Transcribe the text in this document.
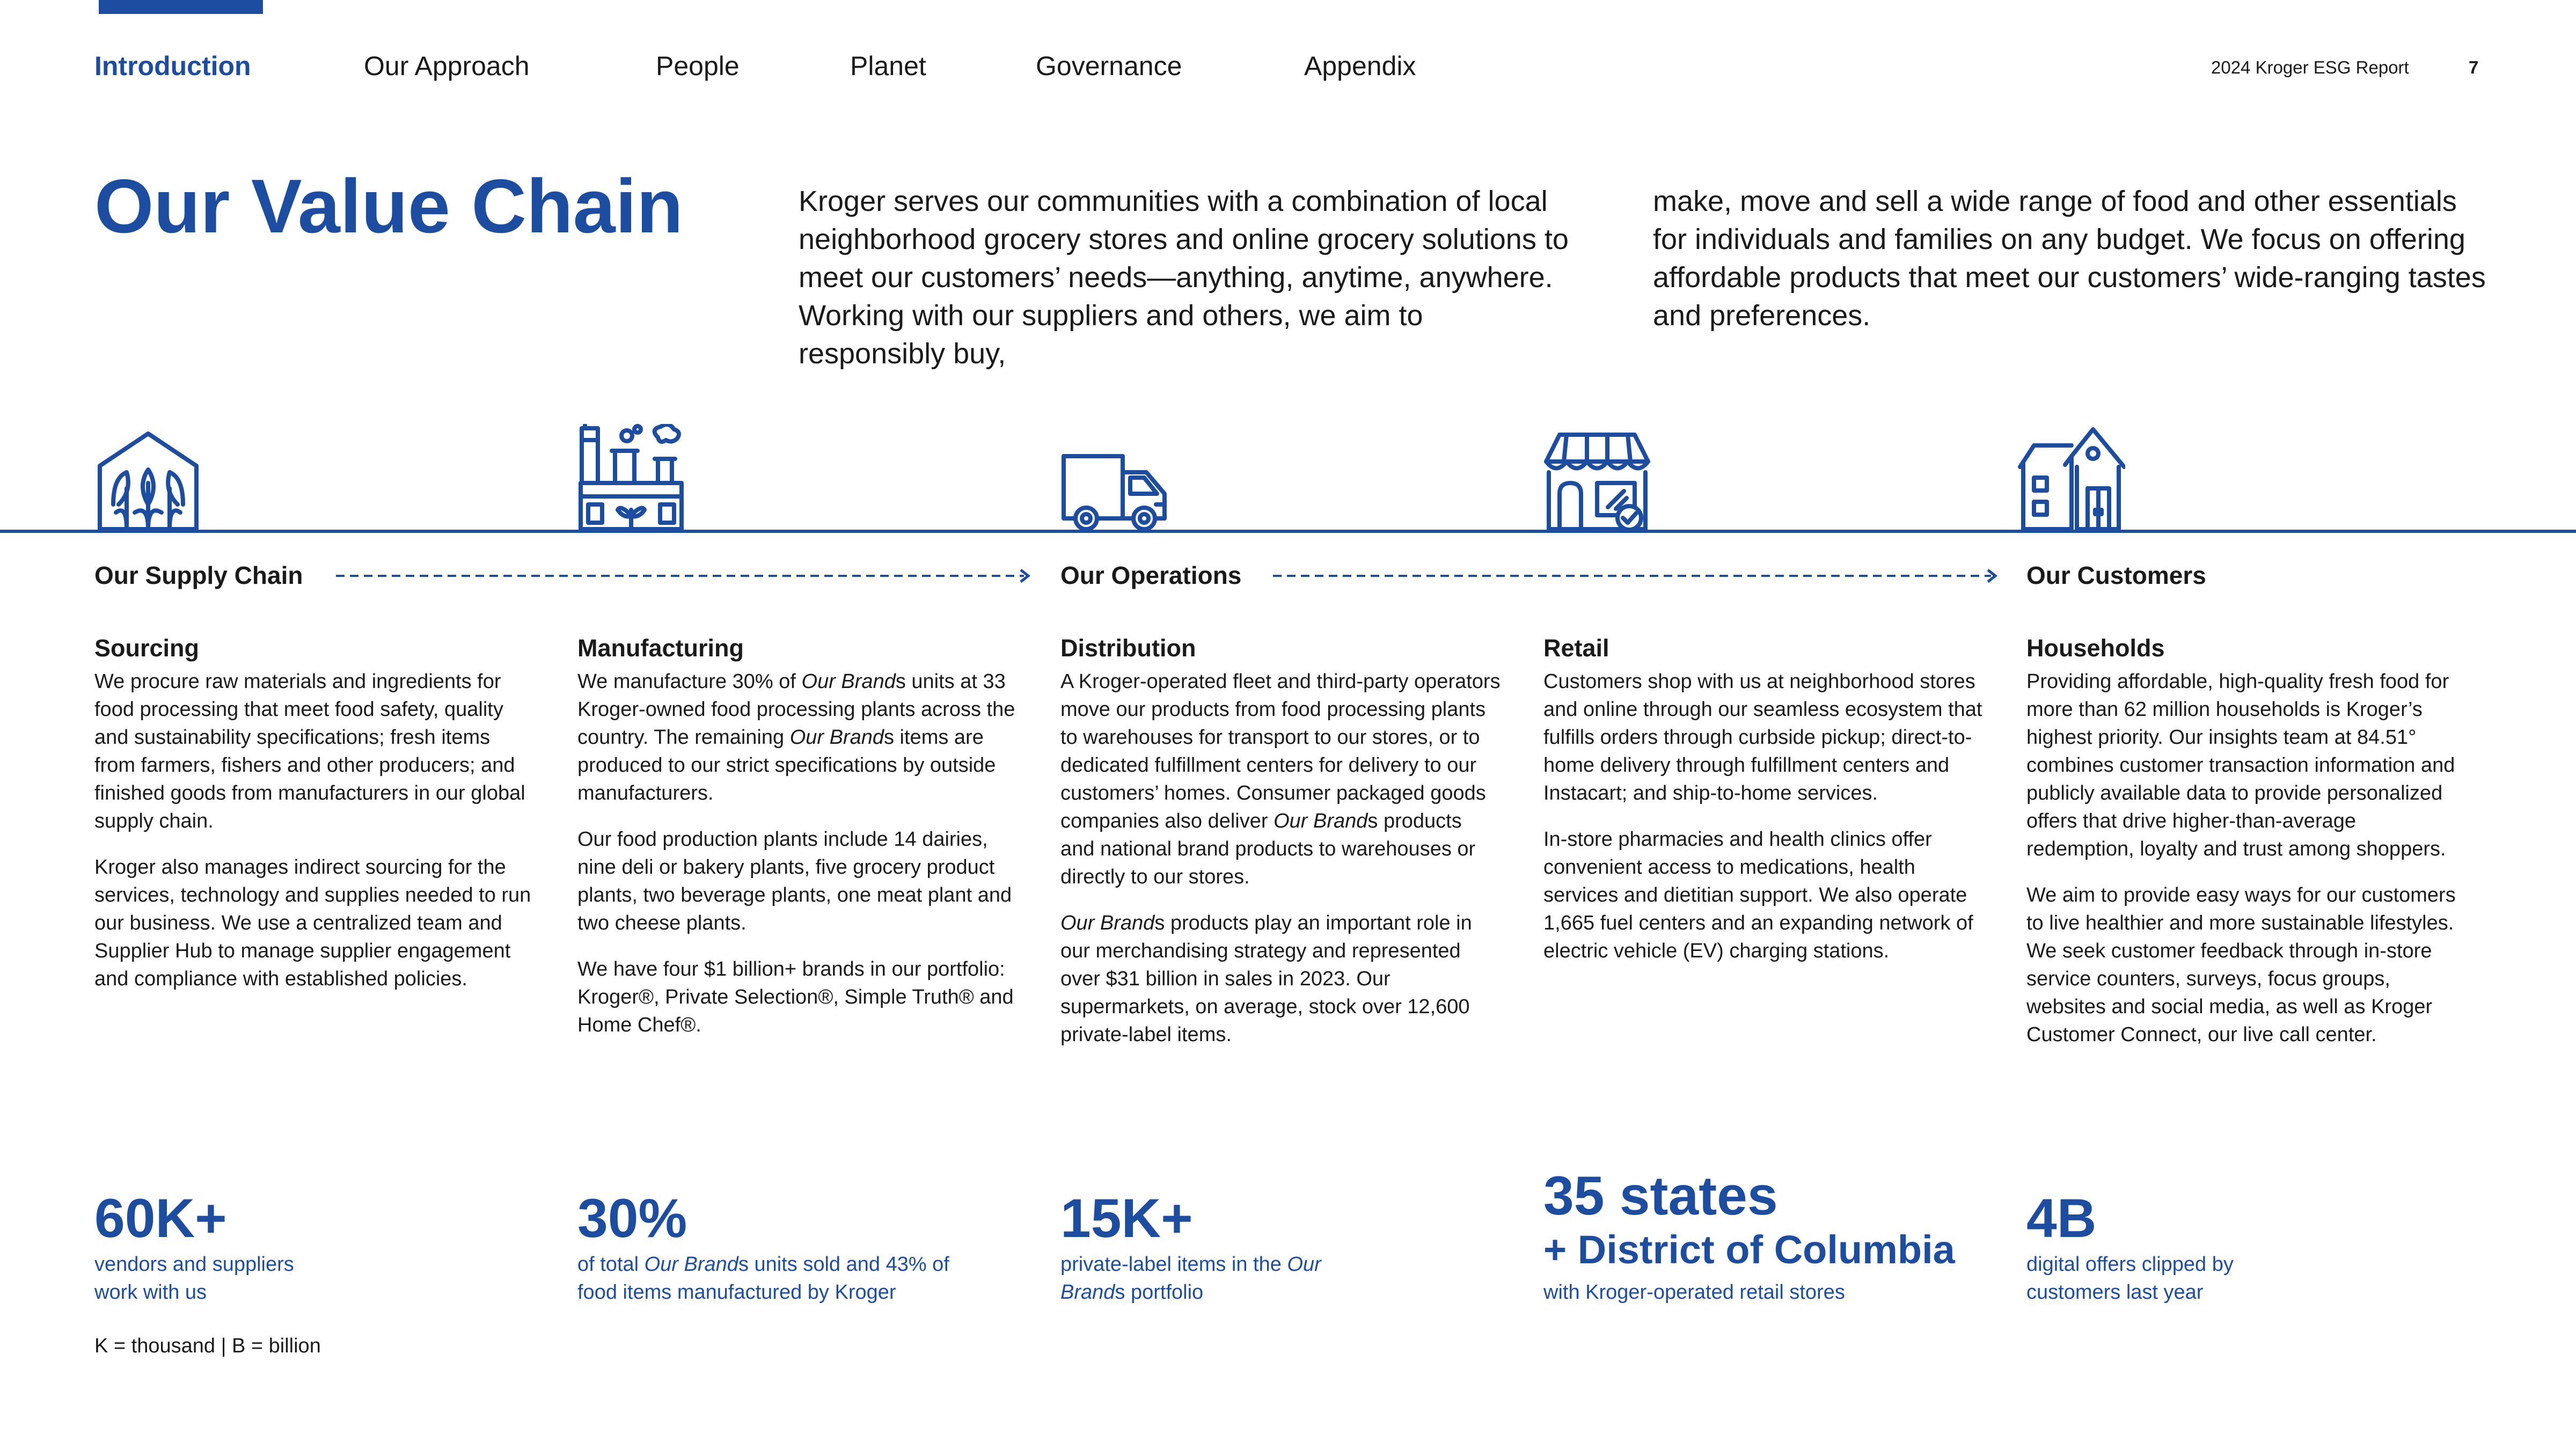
Introduction	Our Approach	People	Planet	Governance	Appendix	2024 Kroger ESG Report	7
Our Value Chain	Kroger serves our communities with a combination of local neighborhood grocery stores and online grocery solutions to meet our customers’ needs—anything, anytime, anywhere. Working with our suppliers and others, we aim to responsibly buy,

make, move and sell a wide range of food and other essentials for individuals and families on any budget. We focus on offering affordable products that meet our customers’ wide-ranging tastes and preferences.

Our Supply Chain	Our Operations	Our Customers
Sourcing

We procure raw materials and ingredients for food processing that meet food safety, quality and sustainability specifications; fresh items from farmers, fishers and other producers; and finished goods from manufacturers in our global supply chain.

Kroger also manages indirect sourcing for the services, technology and supplies needed to run our business. We use a centralized team and Supplier Hub to manage supplier engagement and compliance with established policies.

Manufacturing

We manufacture 30% of Our Brands units at 33 Kroger-owned food processing plants across the country. The remaining Our Brands items are produced to our strict specifications by outside manufacturers.

Our food production plants include 14 dairies, nine deli or bakery plants, five grocery product plants, two beverage plants, one meat plant and two cheese plants.

We have four $1 billion+ brands in our portfolio: Kroger®, Private Selection®, Simple Truth® and Home Chef®.

Distribution

A Kroger-operated fleet and third-party operators move our products from food processing plants to warehouses for transport to our stores, or to dedicated fulfillment centers for delivery to our customers’ homes. Consumer packaged goods companies also deliver Our Brands products and national brand products to warehouses or directly to our stores.

Our Brands products play an important role in our merchandising strategy and represented over $31 billion in sales in 2023. Our supermarkets, on average, stock over 12,600 private-label items.

Retail

Customers shop with us at neighborhood stores and online through our seamless ecosystem that fulfills orders through curbside pickup; direct-to-home delivery through fulfillment centers and Instacart; and ship-to-home services.

In-store pharmacies and health clinics offer convenient access to medications, health services and dietitian support. We also operate 1,665 fuel centers and an expanding network of electric vehicle (EV) charging stations.

Households

Providing affordable, high-quality fresh food for more than 62 million households is Kroger’s highest priority. Our insights team at 84.51° combines customer transaction information and publicly available data to provide personalized offers that drive higher-than-average redemption, loyalty and trust among shoppers.

We aim to provide easy ways for our customers to live healthier and more sustainable lifestyles. We seek customer feedback through in-store service counters, surveys, focus groups, websites and social media, as well as Kroger Customer Connect, our live call center.

60K+

vendors and suppliers work with us

30%

of total Our Brands units sold and 43% of food items manufactured by Kroger

15K+

private-label items in the Our Brands portfolio

35 states
+ District of Columbia

with Kroger-operated retail stores

4B

digital offers clipped by customers last year

K = thousand | B = billion
